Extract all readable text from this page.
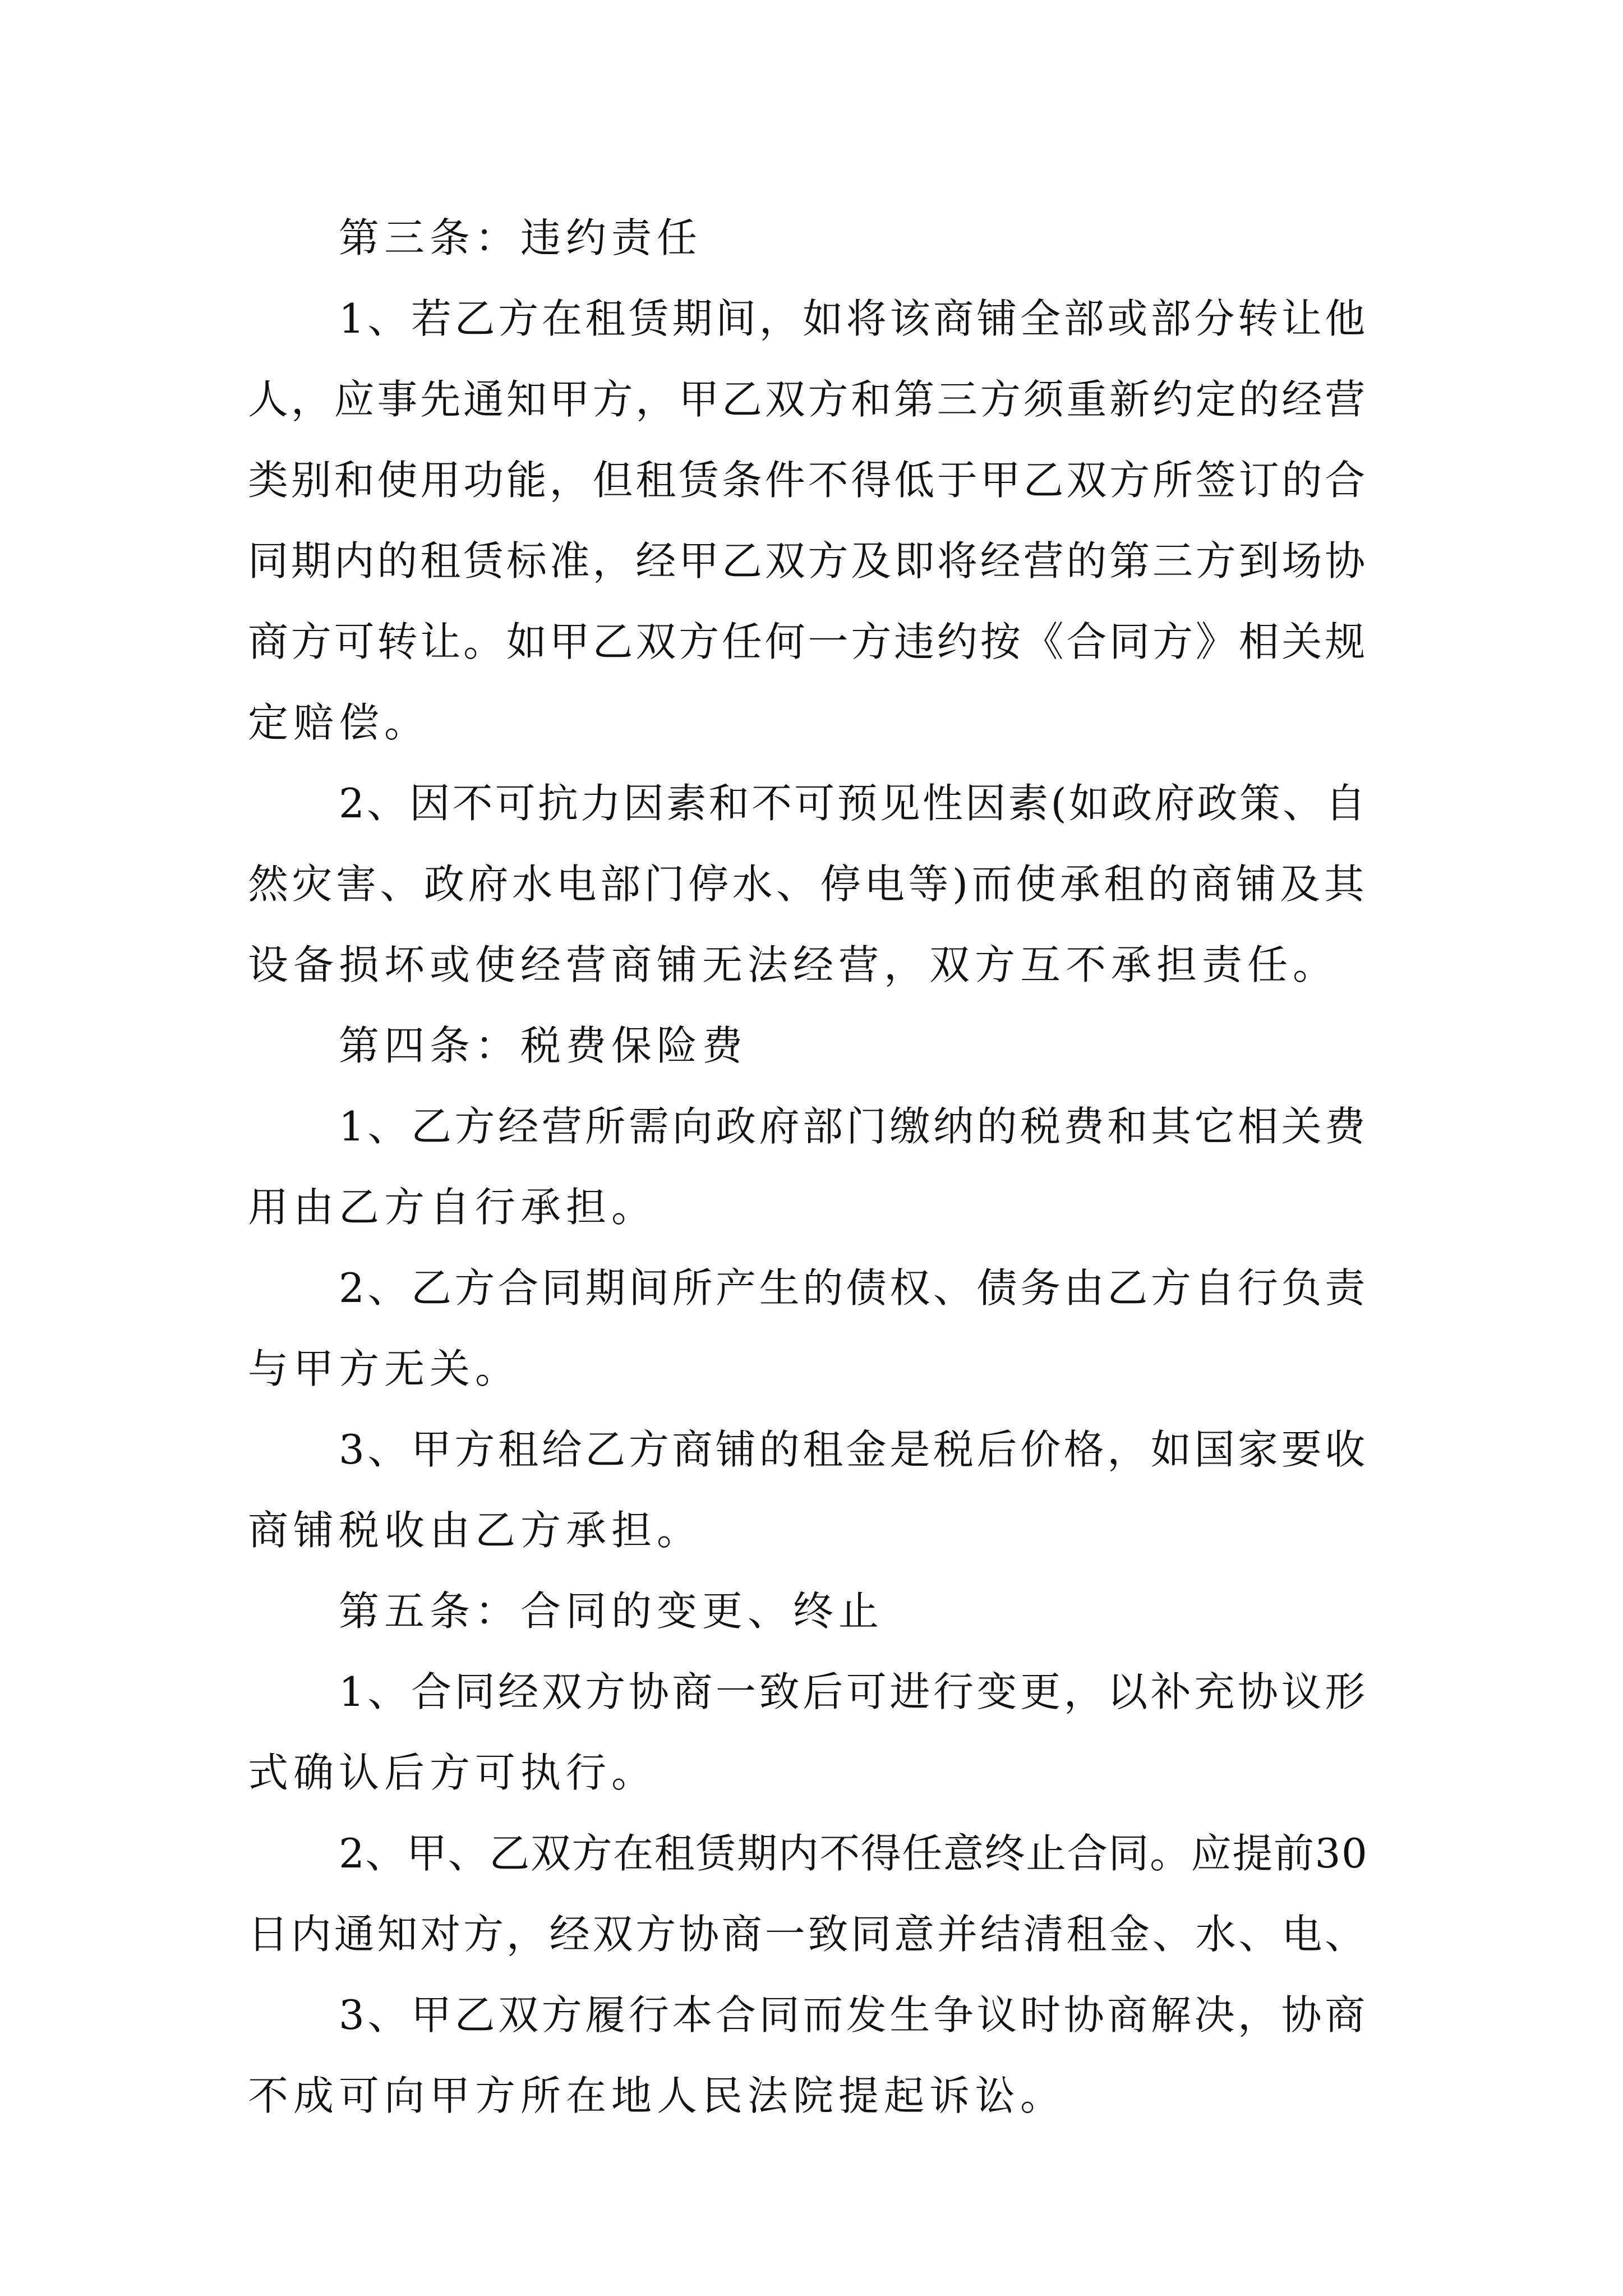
第三条：违约责任
1、若乙方在租赁期间，如将该商铺全部或部分转让他
人，应事先通知甲方，甲乙双方和第三方须重新约定的经营
类别和使用功能，但租赁条件不得低于甲乙双方所签订的合
同期内的租赁标准，经甲乙双方及即将经营的第三方到场协
商方可转让。如甲乙双方任何一方违约按《合同方》相关规
定赔偿。
2、因不可抗力因素和不可预见性因素(如政府政策、自
然灾害、政府水电部门停水、停电等)而使承租的商铺及其
设备损坏或使经营商铺无法经营，双方互不承担责任。
第四条：税费保险费
1、乙方经营所需向政府部门缴纳的税费和其它相关费
用由乙方自行承担。
2、乙方合同期间所产生的债权、债务由乙方自行负责
与甲方无关。
3、甲方租给乙方商铺的租金是税后价格，如国家要收
商铺税收由乙方承担。
第五条：合同的变更、终止
1、合同经双方协商一致后可进行变更，以补充协议形
式确认后方可执行。
2、甲、乙双方在租赁期内不得任意终止合同。应提前30
日内通知对方，经双方协商一致同意并结清租金、水、电、
3、甲乙双方履行本合同而发生争议时协商解决，协商
不成可向甲方所在地人民法院提起诉讼。
